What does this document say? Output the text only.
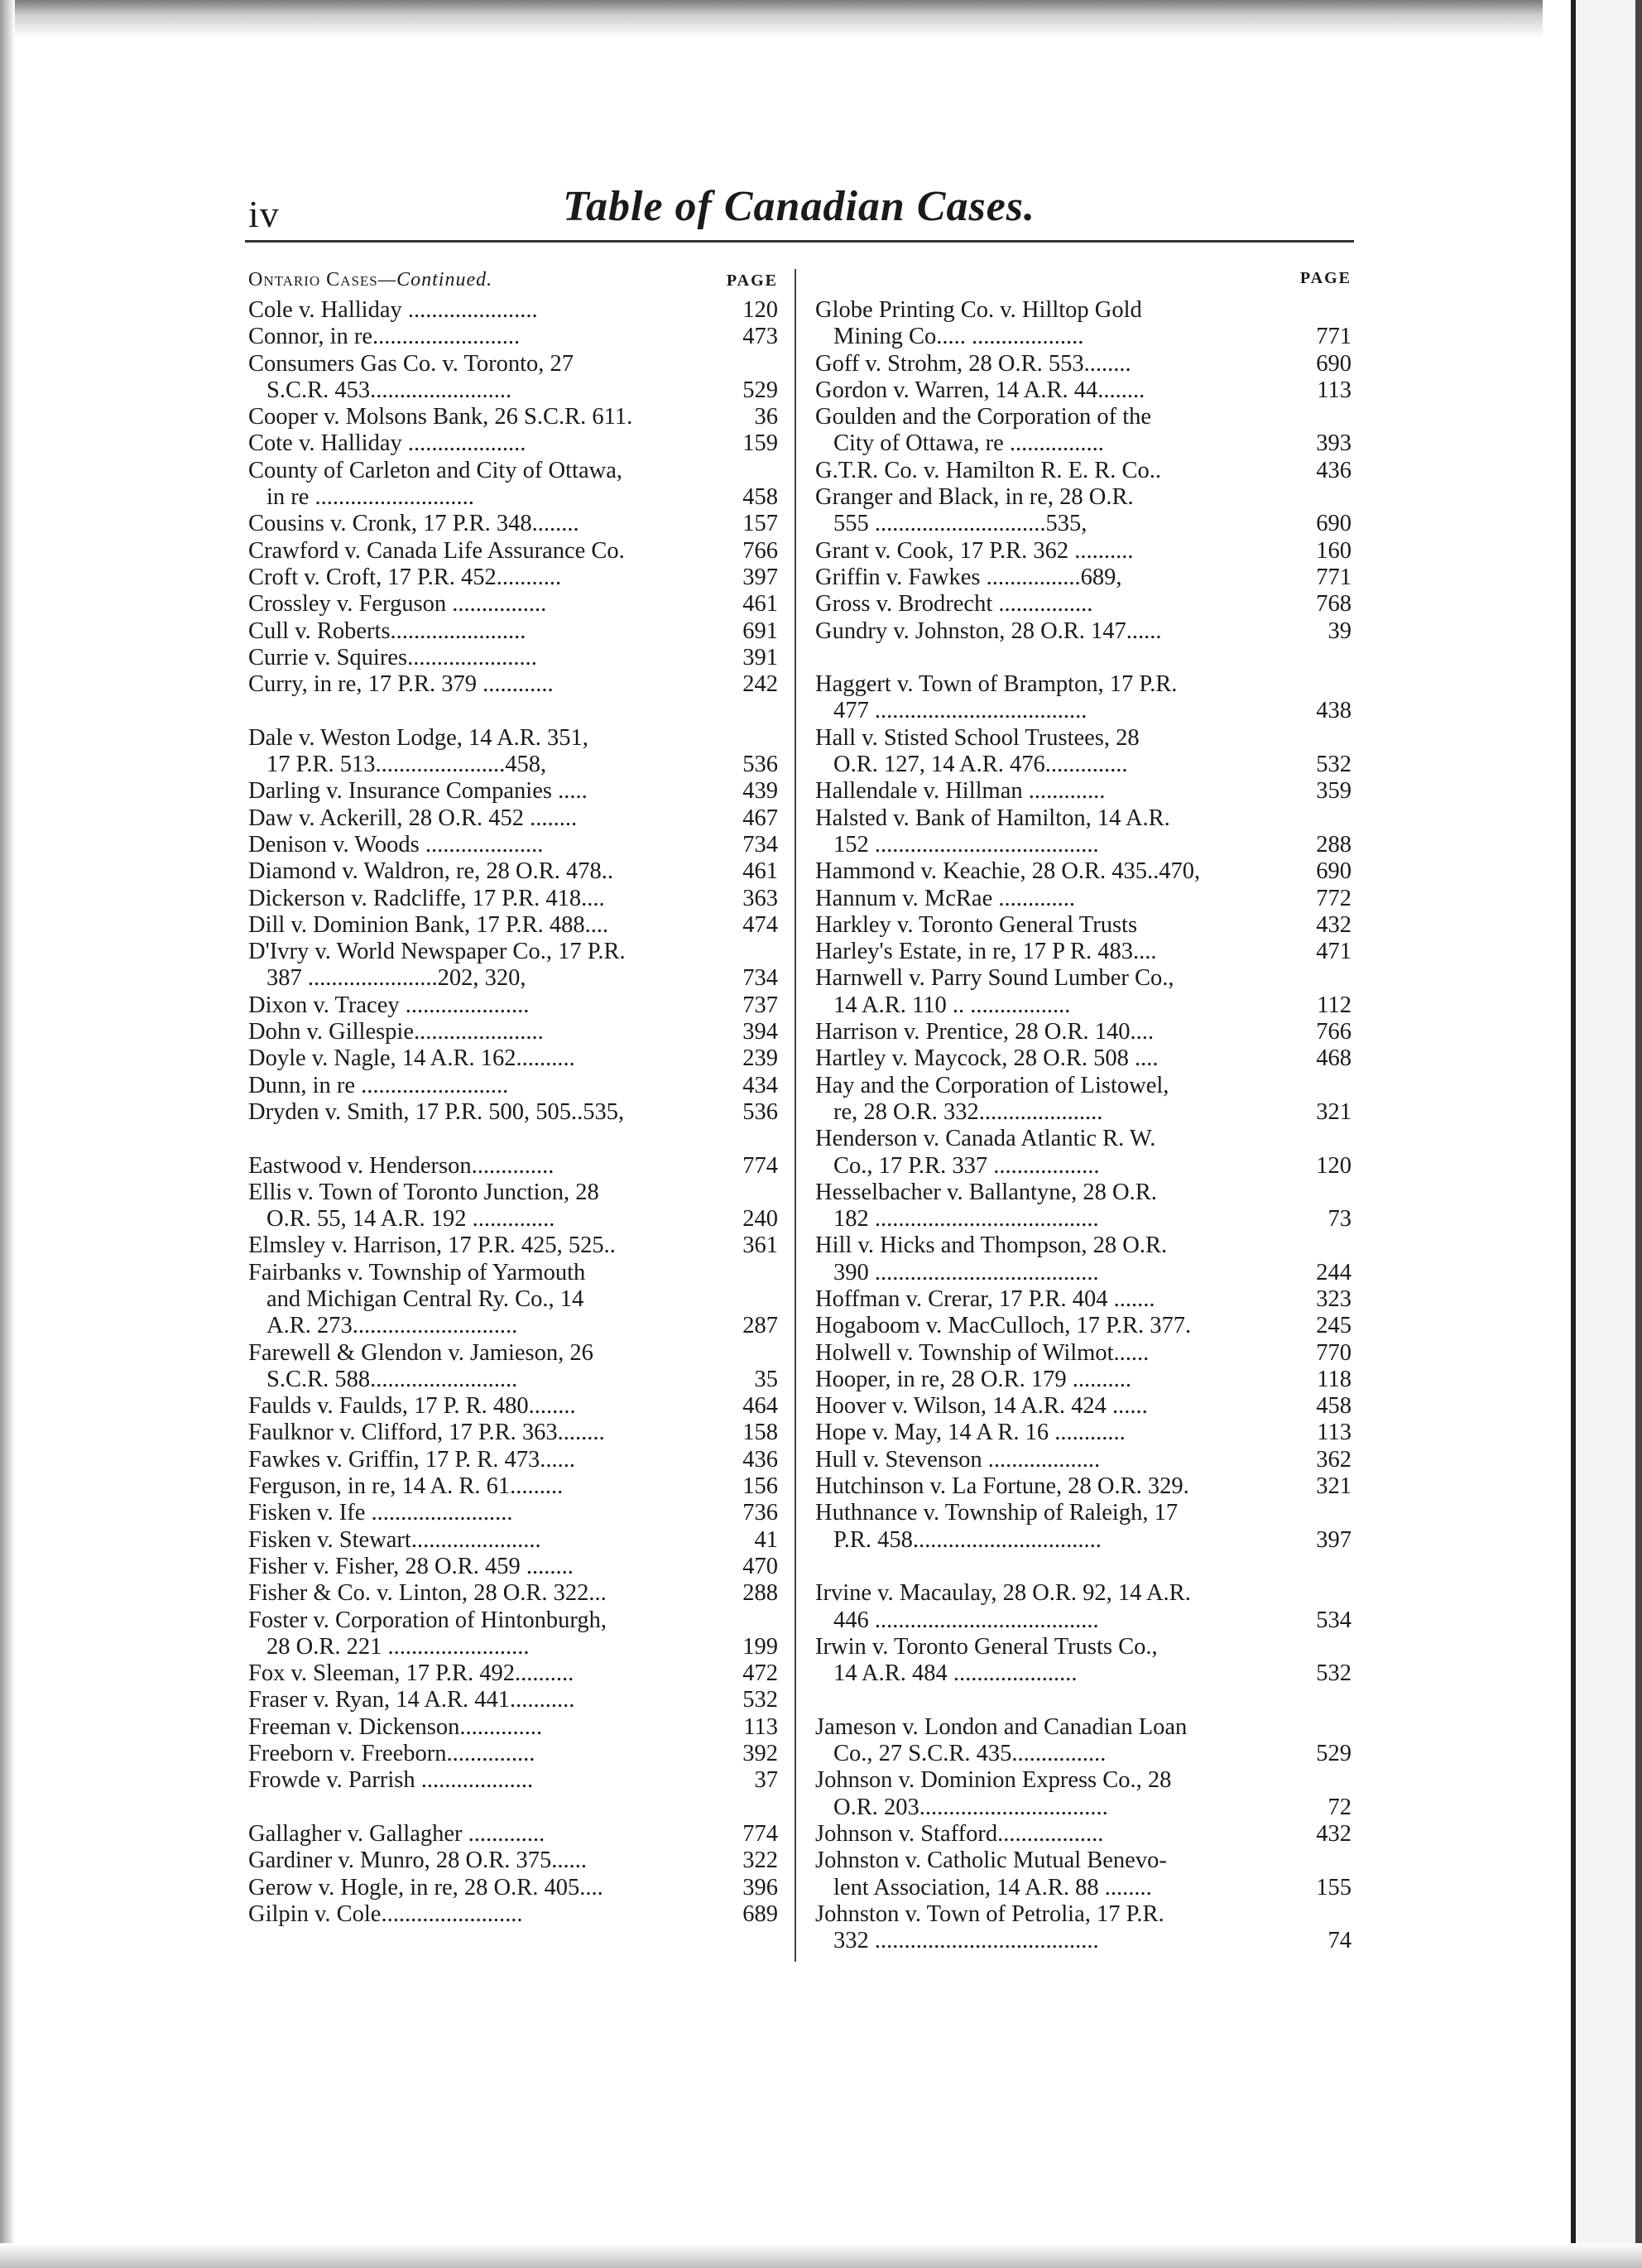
iv	Table of Canadian Cases.
Ontario Cases—Continued.	PAGE
Cole v. Halliday ......................	120
Connor, in re.........................	473
Consumers Gas Co. v. Toronto, 27
S.C.R. 453........................	529
Cooper v. Molsons Bank, 26 S.C.R. 611.	36
Cote v. Halliday ....................	159
County of Carleton and City of Ottawa,
in re ...........................	458
Cousins v. Cronk, 17 P.R. 348........	157
Crawford v. Canada Life Assurance Co.	766
Croft v. Croft, 17 P.R. 452...........	397
Crossley v. Ferguson ................	461
Cull v. Roberts.......................	691
Currie v. Squires......................	391
Curry, in re, 17 P.R. 379 ............	242
Dale v. Weston Lodge, 14 A.R. 351,
17 P.R. 513......................458,	536
Darling v. Insurance Companies .....	439
Daw v. Ackerill, 28 O.R. 452 ........	467
Denison v. Woods ....................	734
Diamond v. Waldron, re, 28 O.R. 478..	461
Dickerson v. Radcliffe, 17 P.R. 418....	363
Dill v. Dominion Bank, 17 P.R. 488....	474
D'Ivry v. World Newspaper Co., 17 P.R.
387 ......................202, 320,	734
Dixon v. Tracey .....................	737
Dohn v. Gillespie......................	394
Doyle v. Nagle, 14 A.R. 162..........	239
Dunn, in re .........................	434
Dryden v. Smith, 17 P.R. 500, 505..535,	536
Eastwood v. Henderson..............	774
Ellis v. Town of Toronto Junction, 28
O.R. 55, 14 A.R. 192 ..............	240
Elmsley v. Harrison, 17 P.R. 425, 525..	361
Fairbanks v. Township of Yarmouth
and Michigan Central Ry. Co., 14
A.R. 273............................	287
Farewell & Glendon v. Jamieson, 26
S.C.R. 588.........................	35
Faulds v. Faulds, 17 P. R. 480........	464
Faulknor v. Clifford, 17 P.R. 363........	158
Fawkes v. Griffin, 17 P. R. 473......	436
Ferguson, in re, 14 A. R. 61.........	156
Fisken v. Ife ........................	736
Fisken v. Stewart......................	41
Fisher v. Fisher, 28 O.R. 459 ........	470
Fisher & Co. v. Linton, 28 O.R. 322...	288
Foster v. Corporation of Hintonburgh,
28 O.R. 221 ........................	199
Fox v. Sleeman, 17 P.R. 492..........	472
Fraser v. Ryan, 14 A.R. 441...........	532
Freeman v. Dickenson..............	113
Freeborn v. Freeborn...............	392
Frowde v. Parrish ...................	37
Gallagher v. Gallagher .............	774
Gardiner v. Munro, 28 O.R. 375......	322
Gerow v. Hogle, in re, 28 O.R. 405....	396
Gilpin v. Cole........................	689
PAGE
Globe Printing Co. v. Hilltop Gold
Mining Co..... ...................	771
Goff v. Strohm, 28 O.R. 553........	690
Gordon v. Warren, 14 A.R. 44........	113
Goulden and the Corporation of the
City of Ottawa, re ................	393
G.T.R. Co. v. Hamilton R. E. R. Co..	436
Granger and Black, in re, 28 O.R.
555 .............................535,	690
Grant v. Cook, 17 P.R. 362 ..........	160
Griffin v. Fawkes ................689,	771
Gross v. Brodrecht ................	768
Gundry v. Johnston, 28 O.R. 147......	39
Haggert v. Town of Brampton, 17 P.R.
477 ....................................	438
Hall v. Stisted School Trustees, 28
O.R. 127, 14 A.R. 476..............	532
Hallendale v. Hillman .............	359
Halsted v. Bank of Hamilton, 14 A.R.
152 ......................................	288
Hammond v. Keachie, 28 O.R. 435..470,	690
Hannum v. McRae .............	772
Harkley v. Toronto General Trusts	432
Harley's Estate, in re, 17 P R. 483....	471
Harnwell v. Parry Sound Lumber Co.,
14 A.R. 110 .. .................	112
Harrison v. Prentice, 28 O.R. 140....	766
Hartley v. Maycock, 28 O.R. 508 ....	468
Hay and the Corporation of Listowel,
re, 28 O.R. 332.....................	321
Henderson v. Canada Atlantic R. W.
Co., 17 P.R. 337 ..................	120
Hesselbacher v. Ballantyne, 28 O.R.
182 ......................................	73
Hill v. Hicks and Thompson, 28 O.R.
390 ......................................	244
Hoffman v. Crerar, 17 P.R. 404 .......	323
Hogaboom v. MacCulloch, 17 P.R. 377.	245
Holwell v. Township of Wilmot......	770
Hooper, in re, 28 O.R. 179 ..........	118
Hoover v. Wilson, 14 A.R. 424 ......	458
Hope v. May, 14 A R. 16 ............	113
Hull v. Stevenson ...................	362
Hutchinson v. La Fortune, 28 O.R. 329.	321
Huthnance v. Township of Raleigh, 17
P.R. 458................................	397
Irvine v. Macaulay, 28 O.R. 92, 14 A.R.
446 ......................................	534
Irwin v. Toronto General Trusts Co.,
14 A.R. 484 .....................	532
Jameson v. London and Canadian Loan
Co., 27 S.C.R. 435................	529
Johnson v. Dominion Express Co., 28
O.R. 203................................	72
Johnson v. Stafford..................	432
Johnston v. Catholic Mutual Benevo-
lent Association, 14 A.R. 88 ........	155
Johnston v. Town of Petrolia, 17 P.R.
332 ......................................	74
